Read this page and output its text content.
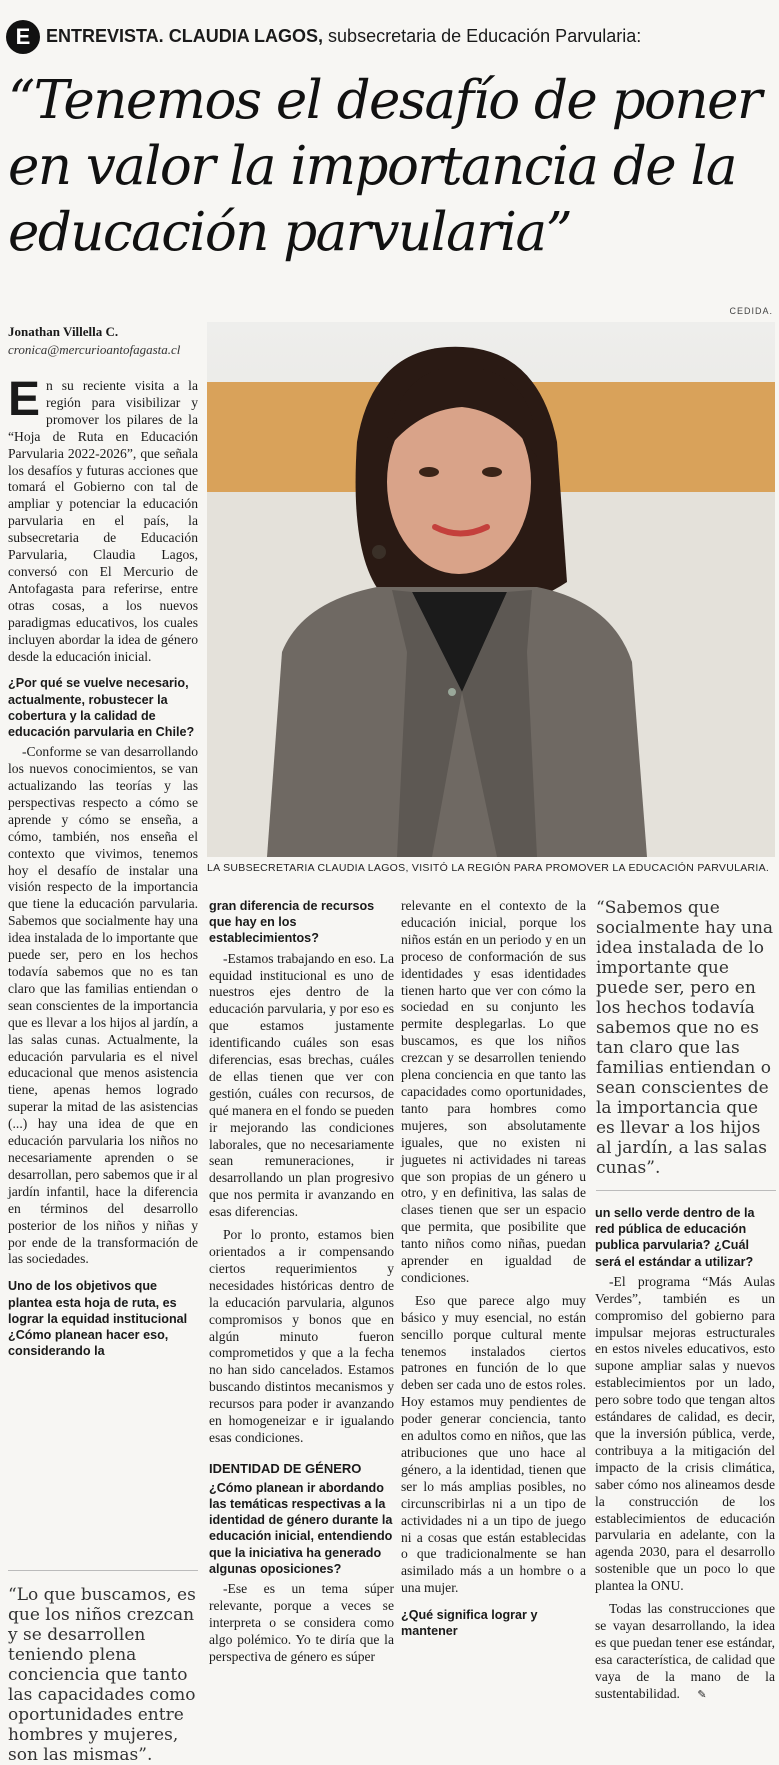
E ENTREVISTA. CLAUDIA LAGOS, subsecretaria de Educación Parvularia:
“Tenemos el desafío de poner en valor la importancia de la educación parvularia”
Jonathan Villella C.
cronica@mercurioantofagasta.cl
CEDIDA.
LA SUBSECRETARIA CLAUDIA LAGOS, VISITÓ LA REGIÓN PARA PROMOVER LA EDUCACIÓN PARVULARIA.

En su reciente visita a la región para visibilizar y promover los pilares de la “Hoja de Ruta en Educación Parvularia 2022-2026”, que señala los desafíos y futuras acciones que tomará el Gobierno con tal de ampliar y potenciar la educación parvularia en el país, la subsecretaria de Educación Parvularia, Claudia Lagos, conversó con El Mercurio de Antofagasta para referirse, entre otras cosas, a los nuevos paradigmas educativos, los cuales incluyen abordar la idea de género desde la educación inicial.

¿Por qué se vuelve necesario, actualmente, robustecer la cobertura y la calidad de educación parvularia en Chile?

-Conforme se van desarrollando los nuevos conocimientos, se van actualizando las teorías y las perspectivas respecto a cómo se aprende y cómo se enseña, a cómo, también, nos enseña el contexto que vivimos, tenemos hoy el desafío de instalar una visión respecto de la importancia que tiene la educación parvularia. Sabemos que socialmente hay una idea instalada de lo importante que puede ser, pero en los hechos todavía sabemos que no es tan claro que las familias entiendan o sean conscientes de la importancia que es llevar a los hijos al jardín, a las salas cunas. Actualmente, la educación parvularia es el nivel educacional que menos asistencia tiene, apenas hemos logrado superar la mitad de las asistencias (...) hay una idea de que en educación parvularia los niños no necesariamente aprenden o se desarrollan, pero sabemos que ir al jardín infantil, hace la diferencia en términos del desarrollo posterior de los niños y niñas y por ende de la transformación de las sociedades.

Uno de los objetivos que plantea esta hoja de ruta, es lograr la equidad institucional ¿Cómo planean hacer eso, considerando la

“Lo que buscamos, es que los niños crezcan y se desarrollen teniendo plena conciencia que tanto las capacidades como oportunidades entre hombres y mujeres, son las mismas”.

gran diferencia de recursos que hay en los establecimientos?

-Estamos trabajando en eso. La equidad institucional es uno de nuestros ejes dentro de la educación parvularia, y por eso es que estamos justamente identificando cuáles son esas diferencias, esas brechas, cuáles de ellas tienen que ver con gestión, cuáles con recursos, de qué manera en el fondo se pueden ir mejorando las condiciones laborales, que no necesariamente sean remuneraciones, ir desarrollando un plan progresivo que nos permita ir avanzando en esas diferencias.

Por lo pronto, estamos bien orientados a ir compensando ciertos requerimientos y necesidades históricas dentro de la educación parvularia, algunos compromisos y bonos que en algún minuto fueron comprometidos y que a la fecha no han sido cancelados. Estamos buscando distintos mecanismos y recursos para poder ir avanzando en homogeneizar e ir igualando esas condiciones.

IDENTIDAD DE GÉNERO

¿Cómo planean ir abordando las temáticas respectivas a la identidad de género durante la educación inicial, entendiendo que la iniciativa ha generado algunas oposiciones?

-Ese es un tema súper relevante, porque a veces se interpreta o se considera como algo polémico. Yo te diría que la perspectiva de género es súper

relevante en el contexto de la educación inicial, porque los niños están en un periodo y en un proceso de conformación de sus identidades y esas identidades tienen harto que ver con cómo la sociedad en su conjunto les permite desplegarlas. Lo que buscamos, es que los niños crezcan y se desarrollen teniendo plena conciencia en que tanto las capacidades como oportunidades, tanto para hombres como mujeres, son absolutamente iguales, que no existen ni juguetes ni actividades ni tareas que son propias de un género u otro, y en definitiva, las salas de clases tienen que ser un espacio que permita, que posibilite que tanto niños como niñas, puedan aprender en igualdad de condiciones.

Eso que parece algo muy básico y muy esencial, no están sencillo porque cultural mente tenemos instalados ciertos patrones en función de lo que deben ser cada uno de estos roles. Hoy estamos muy pendientes de poder generar conciencia, tanto en adultos como en niños, que las atribuciones que uno hace al género, a la identidad, tienen que ser lo más amplias posibles, no circunscribirlas ni a un tipo de actividades ni a un tipo de juego ni a cosas que están establecidas o que tradicionalmente se han asimilado más a un hombre o a una mujer.

¿Qué significa lograr y mantener

“Sabemos que socialmente hay una idea instalada de lo importante que puede ser, pero en los hechos todavía sabemos que no es tan claro que las familias entiendan o sean conscientes de la importancia que es llevar a los hijos al jardín, a las salas cunas”.

un sello verde dentro de la red pública de educación publica parvularia? ¿Cuál será el estándar a utilizar?

-El programa “Más Aulas Verdes”, también es un compromiso del gobierno para impulsar mejoras estructurales en estos niveles educativos, esto supone ampliar salas y nuevos establecimientos por un lado, pero sobre todo que tengan altos estándares de calidad, es decir, que la inversión pública, verde, contribuya a la mitigación del impacto de la crisis climática, saber cómo nos alineamos desde la construcción de los establecimientos de educación parvularia en adelante, con la agenda 2030, para el desarrollo sostenible que un poco lo que plantea la ONU.

Todas las construcciones que se vayan desarrollando, la idea es que puedan tener ese estándar, esa característica, de calidad que vaya de la mano de la sustentabilidad. ✎
